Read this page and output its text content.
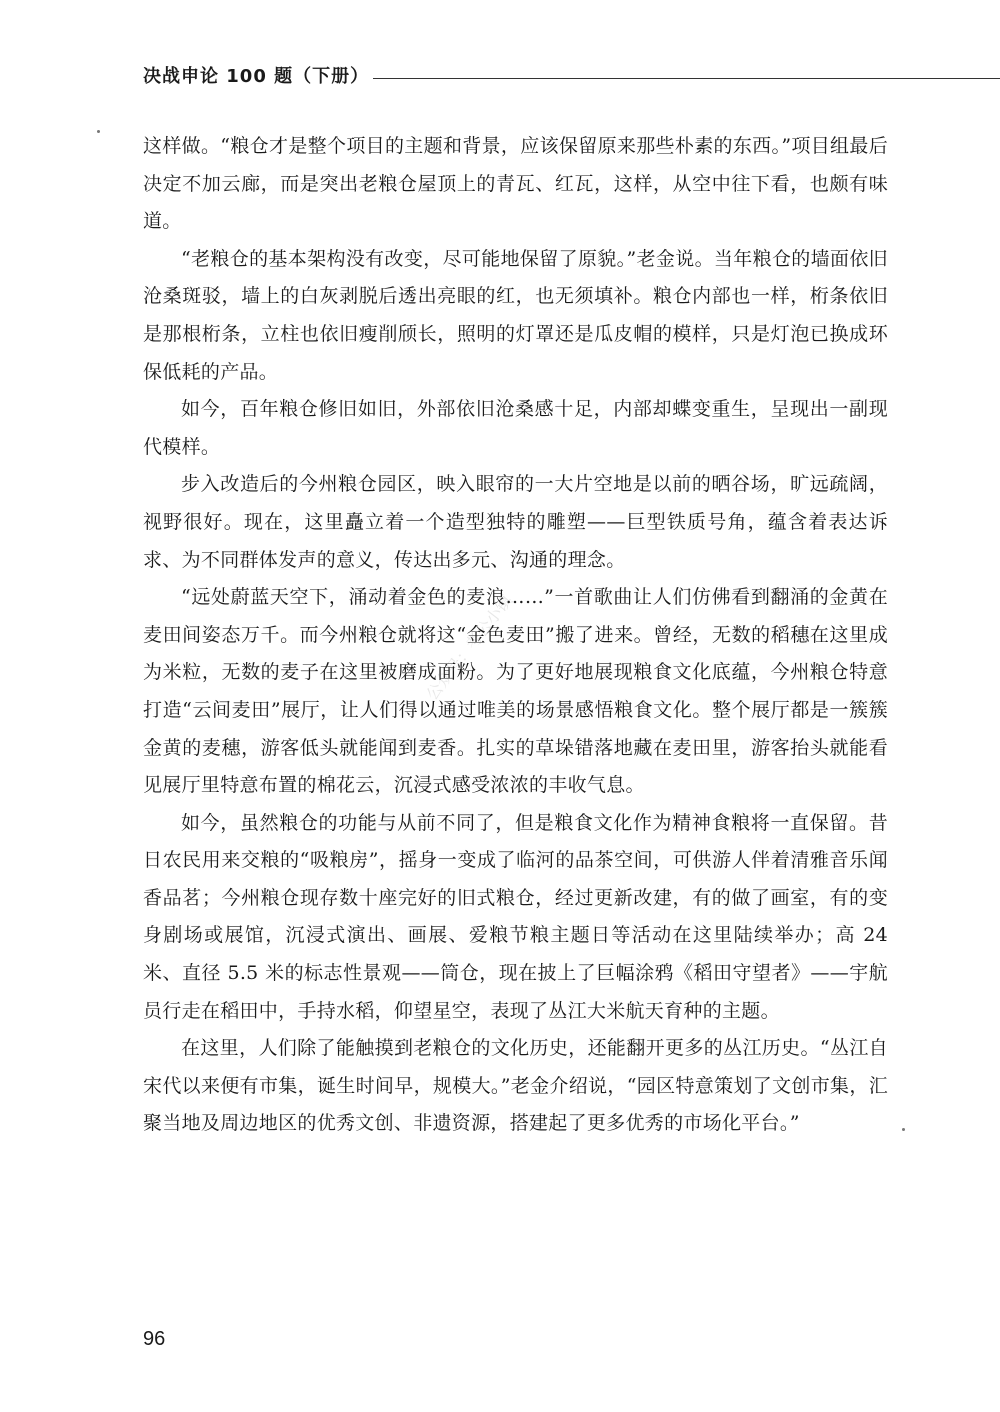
决战申论 100 题（下册）

这样做。“粮仓才是整个项目的主题和背景，应该保留原来那些朴素的东西。”项目组最后决定不加云廊，而是突出老粮仓屋顶上的青瓦、红瓦，这样，从空中往下看，也颇有味道。

“老粮仓的基本架构没有改变，尽可能地保留了原貌。”老金说。当年粮仓的墙面依旧沧桑斑驳，墙上的白灰剥脱后透出亮眼的红，也无须填补。粮仓内部也一样，桁条依旧是那根桁条，立柱也依旧瘦削颀长，照明的灯罩还是瓜皮帽的模样，只是灯泡已换成环保低耗的产品。

如今，百年粮仓修旧如旧，外部依旧沧桑感十足，内部却蝶变重生，呈现出一副现代模样。

步入改造后的今州粮仓园区，映入眼帘的一大片空地是以前的晒谷场，旷远疏阔，视野很好。现在，这里矗立着一个造型独特的雕塑——巨型铁质号角，蕴含着表达诉求、为不同群体发声的意义，传达出多元、沟通的理念。

“远处蔚蓝天空下，涌动着金色的麦浪……”一首歌曲让人们仿佛看到翻涌的金黄在麦田间姿态万千。而今州粮仓就将这“金色麦田”搬了进来。曾经，无数的稻穗在这里成为米粒，无数的麦子在这里被磨成面粉。为了更好地展现粮食文化底蕴，今州粮仓特意打造“云间麦田”展厅，让人们得以通过唯美的场景感悟粮食文化。整个展厅都是一簇簇金黄的麦穗，游客低头就能闻到麦香。扎实的草垛错落地藏在麦田里，游客抬头就能看见展厅里特意布置的棉花云，沉浸式感受浓浓的丰收气息。

如今，虽然粮仓的功能与从前不同了，但是粮食文化作为精神食粮将一直保留。昔日农民用来交粮的“吸粮房”，摇身一变成了临河的品茶空间，可供游人伴着清雅音乐闻香品茗；今州粮仓现存数十座完好的旧式粮仓，经过更新改建，有的做了画室，有的变身剧场或展馆，沉浸式演出、画展、爱粮节粮主题日等活动在这里陆续举办；高 24 米、直径 5.5 米的标志性景观——筒仓，现在披上了巨幅涂鸦《稻田守望者》——宇航员行走在稻田中，手持水稻，仰望星空，表现了丛江大米航天育种的主题。

在这里，人们除了能触摸到老粮仓的文化历史，还能翻开更多的丛江历史。“丛江自宋代以来便有市集，诞生时间早，规模大。”老金介绍说，“园区特意策划了文创市集，汇聚当地及周边地区的优秀文创、非遗资源，搭建起了更多优秀的市场化平台。”

公众号：考公小镇
96
